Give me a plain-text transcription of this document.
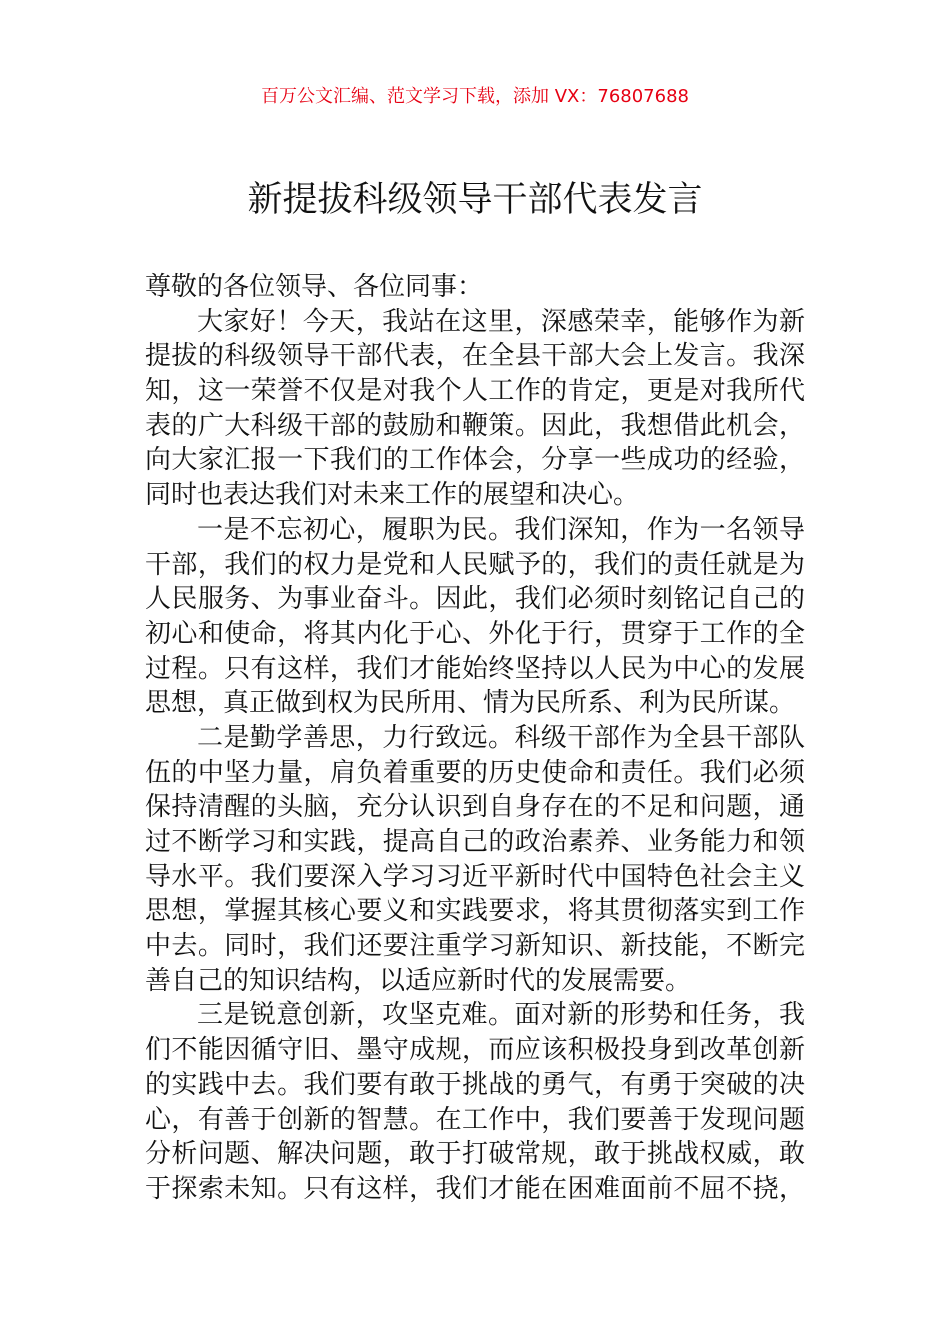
百万公文汇编、范文学习下载，添加 VX：76807688
新提拔科级领导干部代表发言
尊敬的各位领导、各位同事：
大家好！今天，我站在这里，深感荣幸，能够作为新
提拔的科级领导干部代表，在全县干部大会上发言。我深
知，这一荣誉不仅是对我个人工作的肯定，更是对我所代
表的广大科级干部的鼓励和鞭策。因此，我想借此机会，
向大家汇报一下我们的工作体会，分享一些成功的经验，
同时也表达我们对未来工作的展望和决心。
一是不忘初心，履职为民。我们深知，作为一名领导
干部，我们的权力是党和人民赋予的，我们的责任就是为
人民服务、为事业奋斗。因此，我们必须时刻铭记自己的
初心和使命，将其内化于心、外化于行，贯穿于工作的全
过程。只有这样，我们才能始终坚持以人民为中心的发展
思想，真正做到权为民所用、情为民所系、利为民所谋。
二是勤学善思，力行致远。科级干部作为全县干部队
伍的中坚力量，肩负着重要的历史使命和责任。我们必须
保持清醒的头脑，充分认识到自身存在的不足和问题，通
过不断学习和实践，提高自己的政治素养、业务能力和领
导水平。我们要深入学习习近平新时代中国特色社会主义
思想，掌握其核心要义和实践要求，将其贯彻落实到工作
中去。同时，我们还要注重学习新知识、新技能，不断完
善自己的知识结构，以适应新时代的发展需要。
三是锐意创新，攻坚克难。面对新的形势和任务，我
们不能因循守旧、墨守成规，而应该积极投身到改革创新
的实践中去。我们要有敢于挑战的勇气，有勇于突破的决
心，有善于创新的智慧。在工作中，我们要善于发现问题
分析问题、解决问题，敢于打破常规，敢于挑战权威，敢
于探索未知。只有这样，我们才能在困难面前不屈不挠，
